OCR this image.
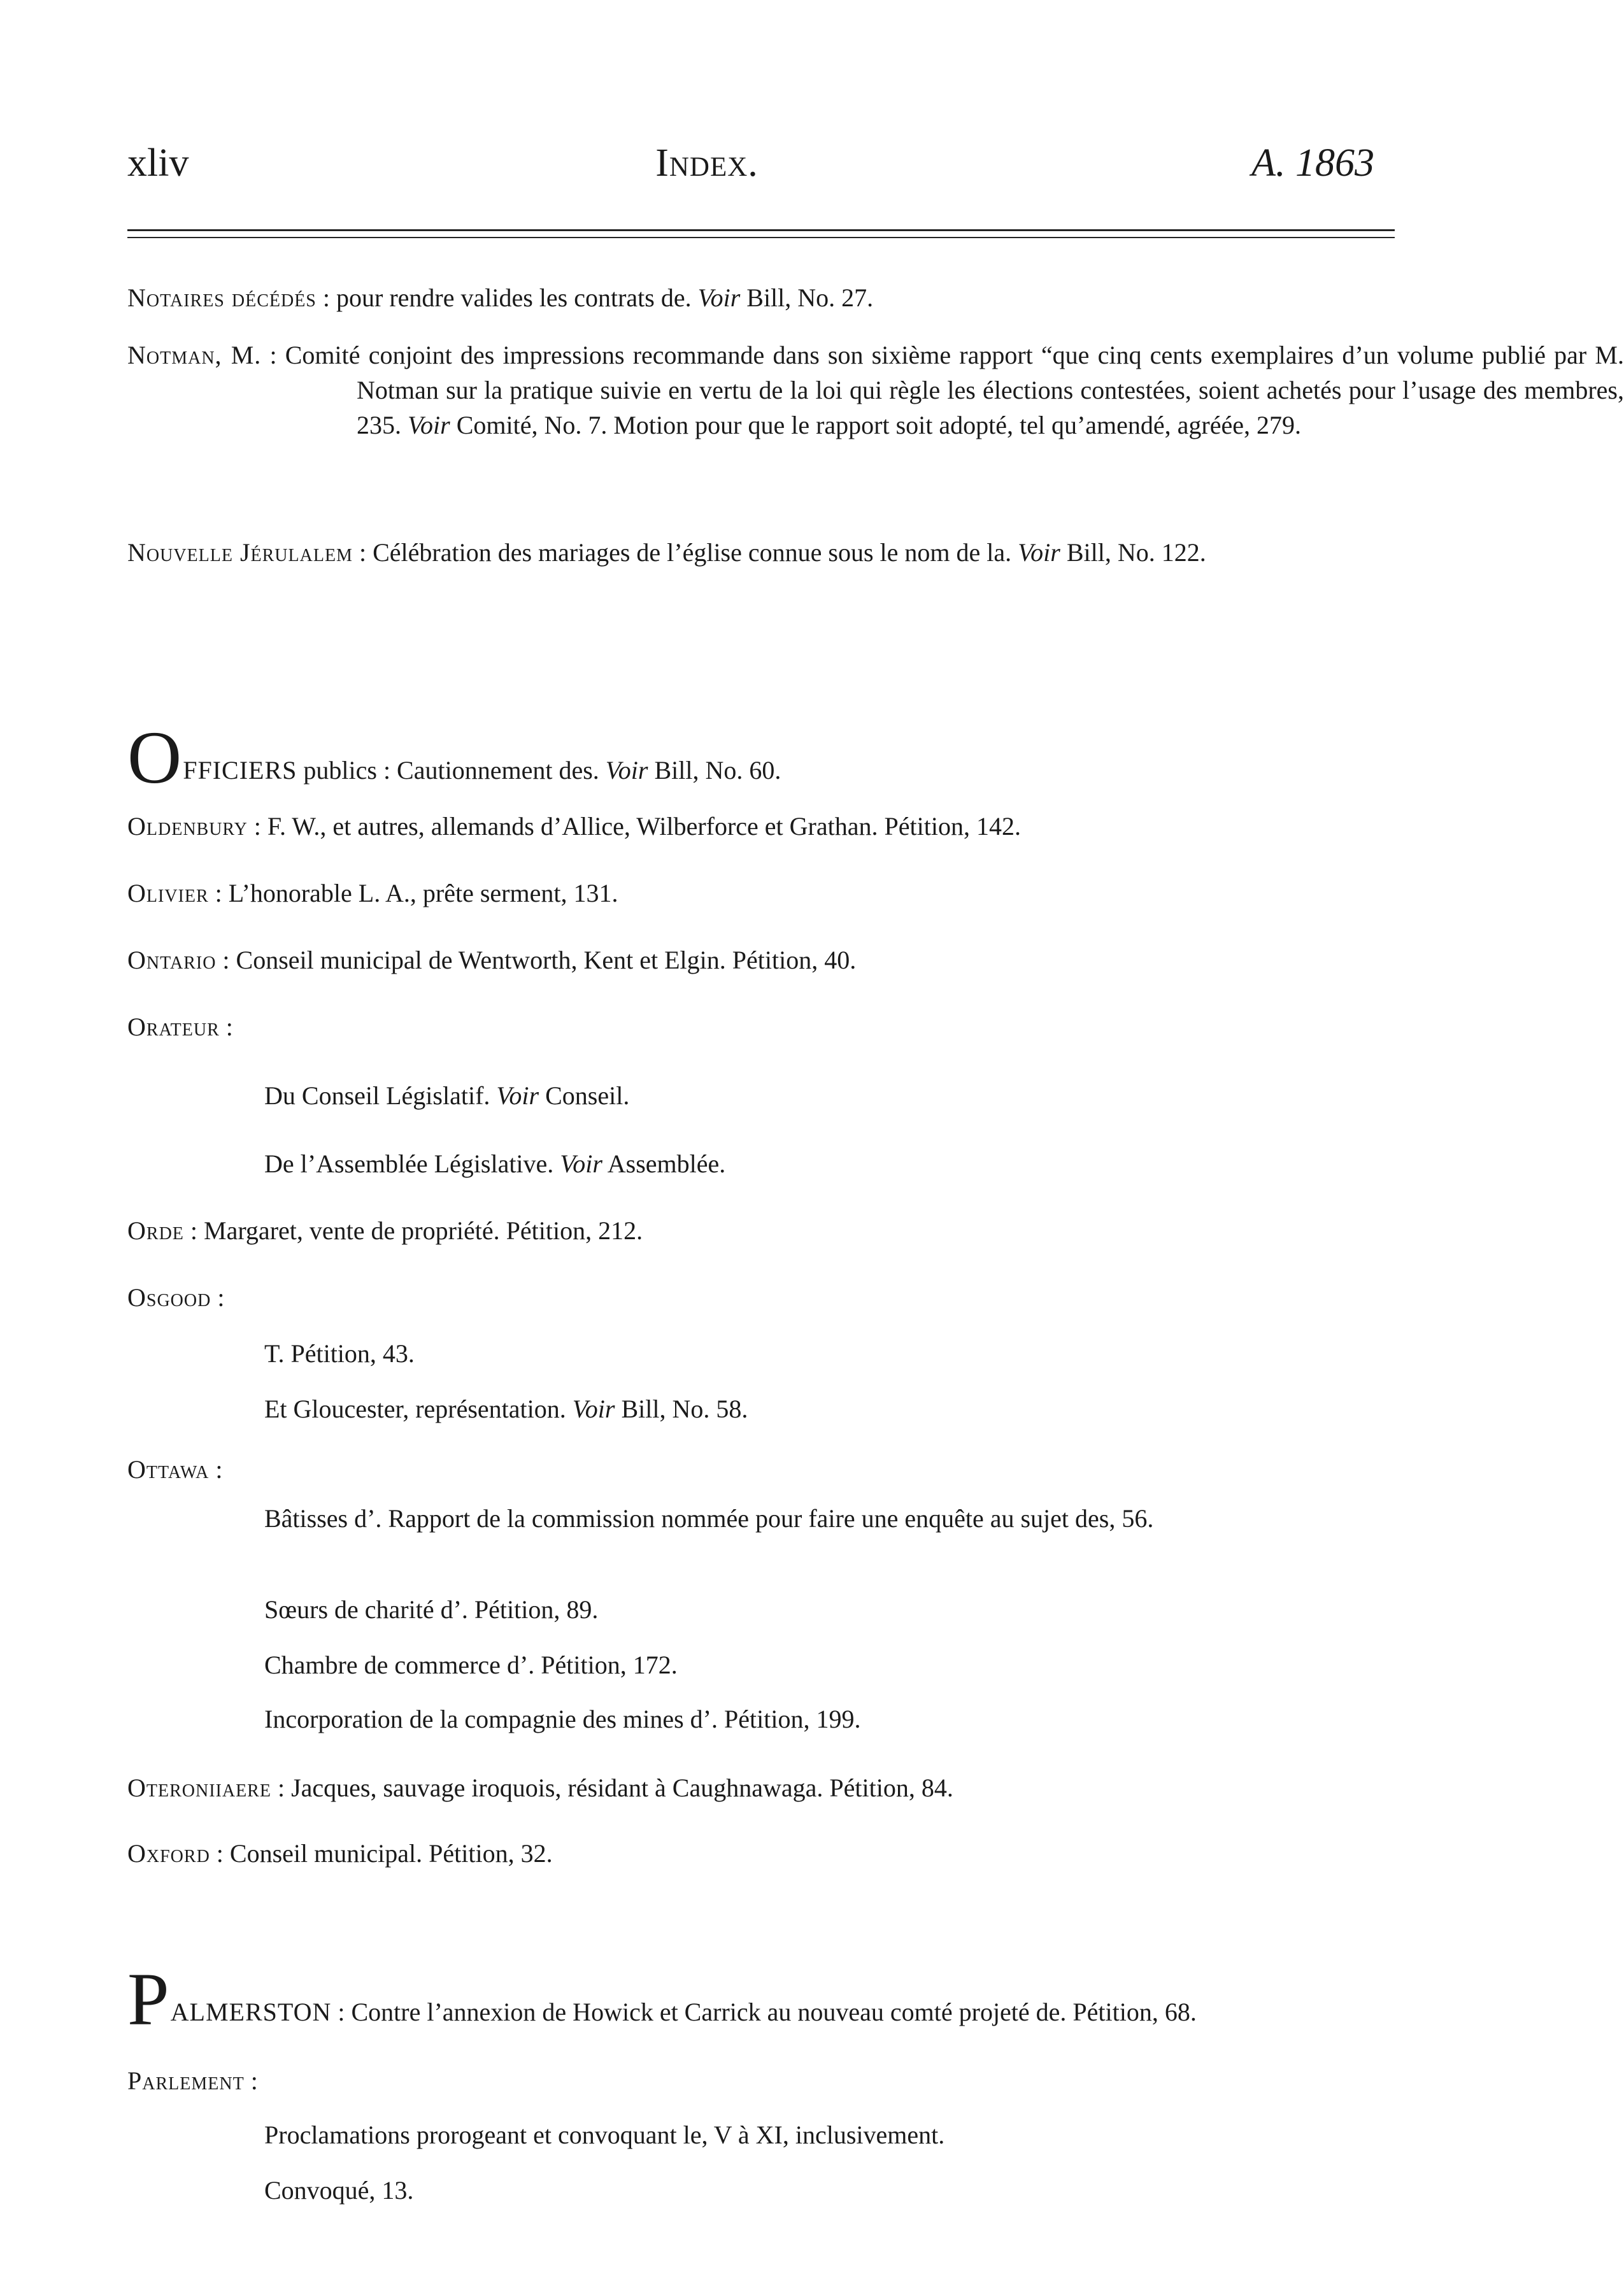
xliv	Index.	A. 1863
Notaires décédés : pour rendre valides les contrats de. Voir Bill, No. 27.
Notman, M. : Comité conjoint des impressions recommande dans son sixième rapport “que cinq cents exemplaires d’un volume publié par M. Notman sur la pratique suivie en vertu de la loi qui règle les élections contestées, soient achetés pour l’usage des membres, 235. Voir Comité, No. 7. Motion pour que le rapport soit adopté, tel qu’amendé, agréée, 279.
Nouvelle Jérulalem : Célébration des mariages de l’église connue sous le nom de la. Voir Bill, No. 122.
OFFICIERS publics : Cautionnement des. Voir Bill, No. 60.
Oldenbury : F. W., et autres, allemands d’Allice, Wilberforce et Grathan. Pétition, 142.
Olivier : L’honorable L. A., prête serment, 131.
Ontario : Conseil municipal de Wentworth, Kent et Elgin. Pétition, 40.
Orateur :
Du Conseil Législatif. Voir Conseil.
De l’Assemblée Législative. Voir Assemblée.
Orde : Margaret, vente de propriété. Pétition, 212.
Osgood :
T. Pétition, 43.
Et Gloucester, représentation. Voir Bill, No. 58.
Ottawa :
Bâtisses d’. Rapport de la commission nommée pour faire une enquête au sujet des, 56.
Sœurs de charité d’. Pétition, 89.
Chambre de commerce d’. Pétition, 172.
Incorporation de la compagnie des mines d’. Pétition, 199.
Oteroniiaere : Jacques, sauvage iroquois, résidant à Caughnawaga. Pétition, 84.
Oxford : Conseil municipal. Pétition, 32.
PALMERSTON : Contre l’annexion de Howick et Carrick au nouveau comté projeté de. Pétition, 68.
Parlement :
Proclamations prorogeant et convoquant le, V à XI, inclusivement.
Convoqué, 13.
